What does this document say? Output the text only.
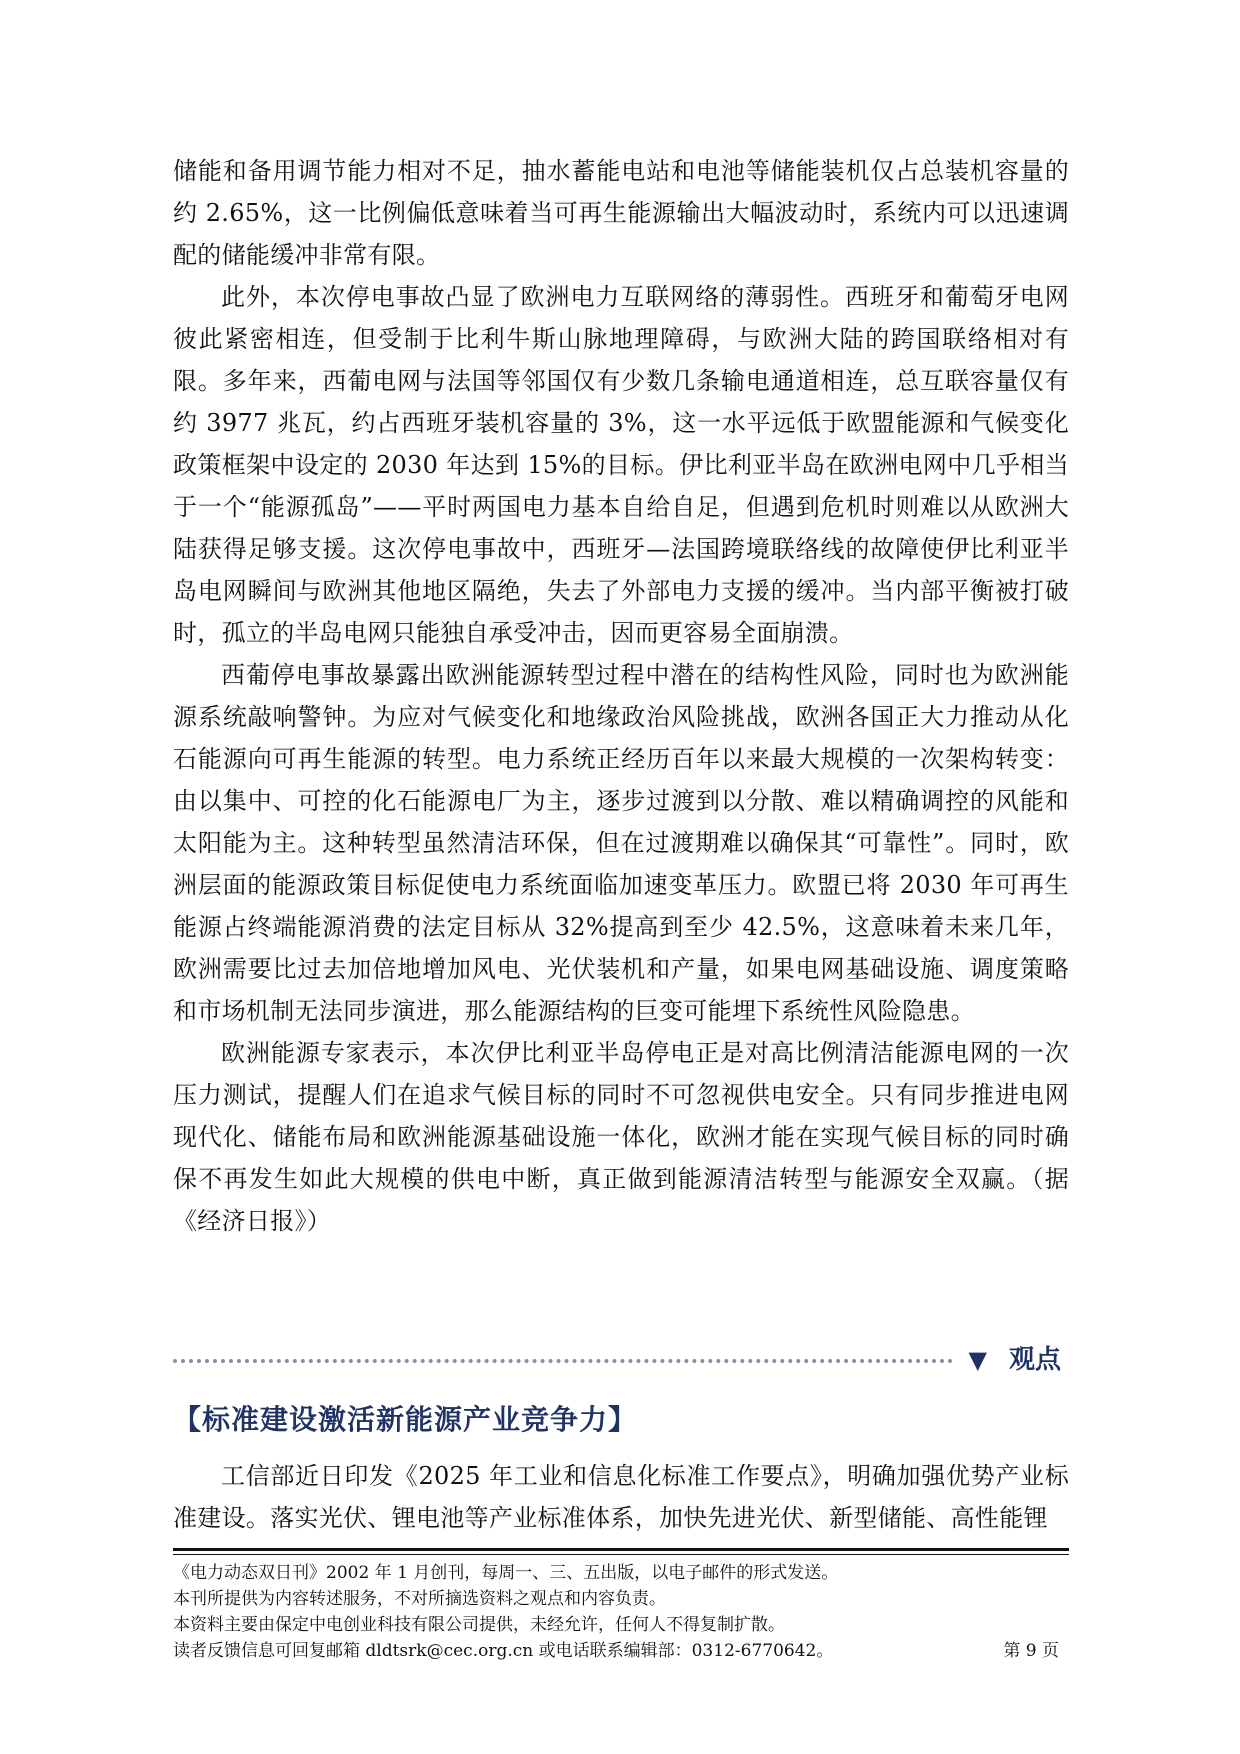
储能和备用调节能力相对不足，抽水蓄能电站和电池等储能装机仅占总装机容量的约 2.65%，这一比例偏低意味着当可再生能源输出大幅波动时，系统内可以迅速调配的储能缓冲非常有限。

此外，本次停电事故凸显了欧洲电力互联网络的薄弱性。西班牙和葡萄牙电网彼此紧密相连，但受制于比利牛斯山脉地理障碍，与欧洲大陆的跨国联络相对有限。多年来，西葡电网与法国等邻国仅有少数几条输电通道相连，总互联容量仅有约 3977 兆瓦，约占西班牙装机容量的 3%，这一水平远低于欧盟能源和气候变化政策框架中设定的 2030 年达到 15%的目标。伊比利亚半岛在欧洲电网中几乎相当于一个“能源孤岛”——平时两国电力基本自给自足，但遇到危机时则难以从欧洲大陆获得足够支援。这次停电事故中，西班牙—法国跨境联络线的故障使伊比利亚半岛电网瞬间与欧洲其他地区隔绝，失去了外部电力支援的缓冲。当内部平衡被打破时，孤立的半岛电网只能独自承受冲击，因而更容易全面崩溃。

西葡停电事故暴露出欧洲能源转型过程中潜在的结构性风险，同时也为欧洲能源系统敲响警钟。为应对气候变化和地缘政治风险挑战，欧洲各国正大力推动从化石能源向可再生能源的转型。电力系统正经历百年以来最大规模的一次架构转变：由以集中、可控的化石能源电厂为主，逐步过渡到以分散、难以精确调控的风能和太阳能为主。这种转型虽然清洁环保，但在过渡期难以确保其“可靠性”。同时，欧洲层面的能源政策目标促使电力系统面临加速变革压力。欧盟已将 2030 年可再生能源占终端能源消费的法定目标从 32%提高到至少 42.5%，这意味着未来几年，欧洲需要比过去加倍地增加风电、光伏装机和产量，如果电网基础设施、调度策略和市场机制无法同步演进，那么能源结构的巨变可能埋下系统性风险隐患。

欧洲能源专家表示，本次伊比利亚半岛停电正是对高比例清洁能源电网的一次压力测试，提醒人们在追求气候目标的同时不可忽视供电安全。只有同步推进电网现代化、储能布局和欧洲能源基础设施一体化，欧洲才能在实现气候目标的同时确保不再发生如此大规模的供电中断，真正做到能源清洁转型与能源安全双赢。（据《经济日报》）

▼ 观点
【标准建设激活新能源产业竞争力】

工信部近日印发《2025 年工业和信息化标准工作要点》，明确加强优势产业标准建设。落实光伏、锂电池等产业标准体系，加快先进光伏、新型储能、高性能锂

《电力动态双日刊》2002 年 1 月创刊，每周一、三、五出版，以电子邮件的形式发送。

本刊所提供为内容转述服务，不对所摘选资料之观点和内容负责。

本资料主要由保定中电创业科技有限公司提供，未经允许，任何人不得复制扩散。

读者反馈信息可回复邮箱 dldtsrk@cec.org.cn 或电话联系编辑部：0312-6770642。	第 9 页
